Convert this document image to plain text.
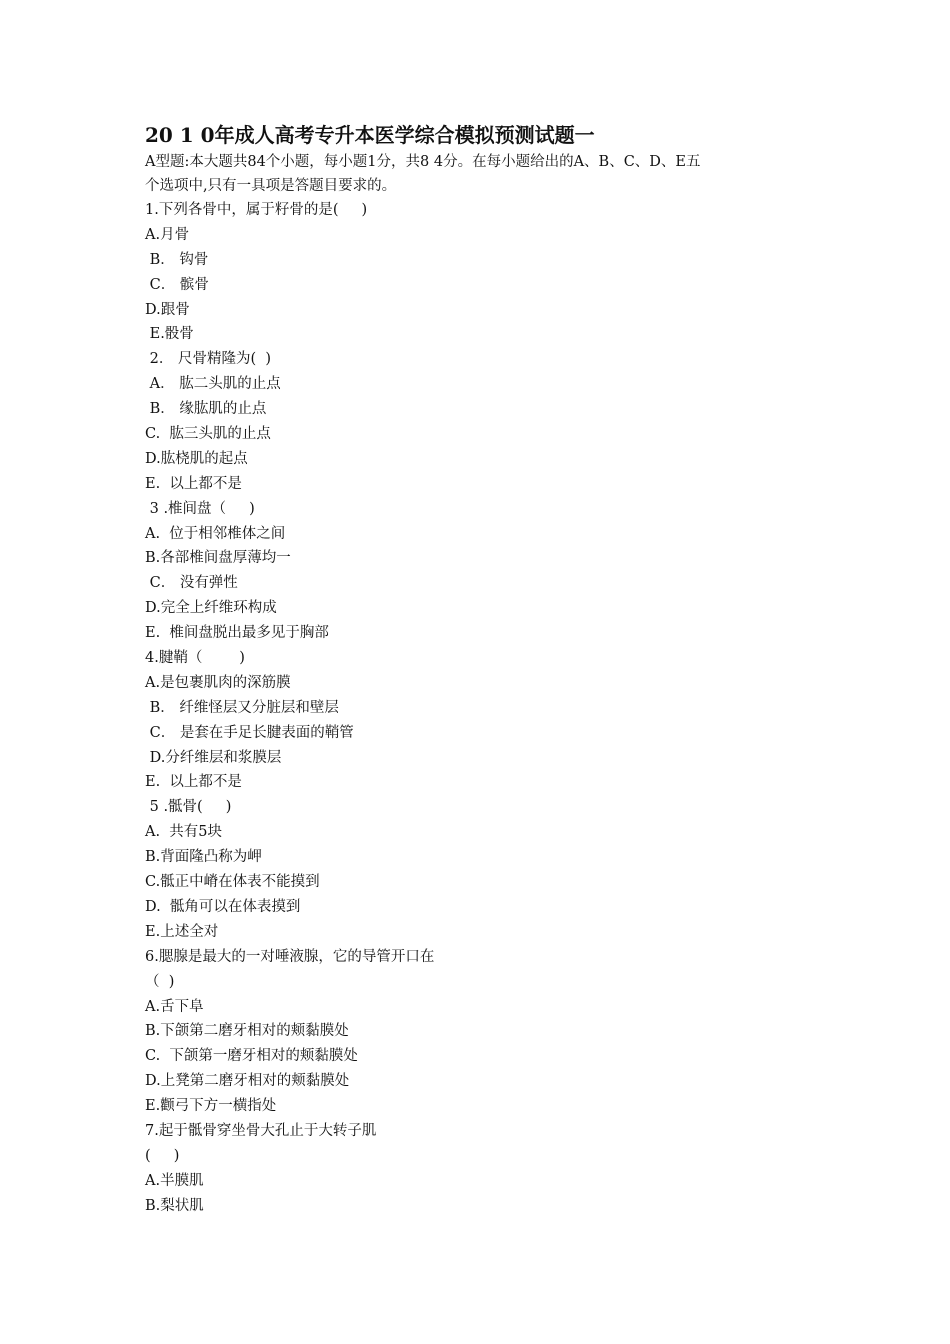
20 1 0年成人高考专升本医学综合模拟预测试题一

A型题:本大题共84个小题，每小题1分，共8 4分。在每小题给出的A、B、C、D、E五
个选项中,只有一具项是答题目要求的。

1.下列各骨中，属于籽骨的是(     )
A.月骨
B． 钩骨
C． 髌骨
D.跟骨
E.骰骨
2． 尺骨精隆为(  )
A． 肱二头肌的止点
B． 缘肱肌的止点
C.  肱三头肌的止点
D.肱桡肌的起点
E.  以上都不是
3 .椎间盘（     )
A.  位于相邻椎体之间
B.各部椎间盘厚薄均一
C． 没有弹性
D.完全上纤维环构成
E.  椎间盘脱出最多见于胸部
4.腱鞘（        )
A.是包裹肌肉的深筋膜
B． 纤维怪层又分脏层和壁层
C． 是套在手足长腱表面的鞘管
D.分纤维层和浆膜层
E.  以上都不是
5 .骶骨(     )
A.  共有5块
B.背面隆凸称为岬
C.骶正中嵴在体表不能摸到
D.  骶角可以在体表摸到
E.上述全对
6.腮腺是最大的一对唾液腺，它的导管开口在
（  )
A.舌下阜
B.下颌第二磨牙相对的颊黏膜处
C.  下颌第一磨牙相对的颊黏膜处
D.上凳第二磨牙相对的颊黏膜处
E.颧弓下方一横指处
7.起于骶骨穿坐骨大孔止于大转子肌
(     )
A.半膜肌
B.梨状肌
